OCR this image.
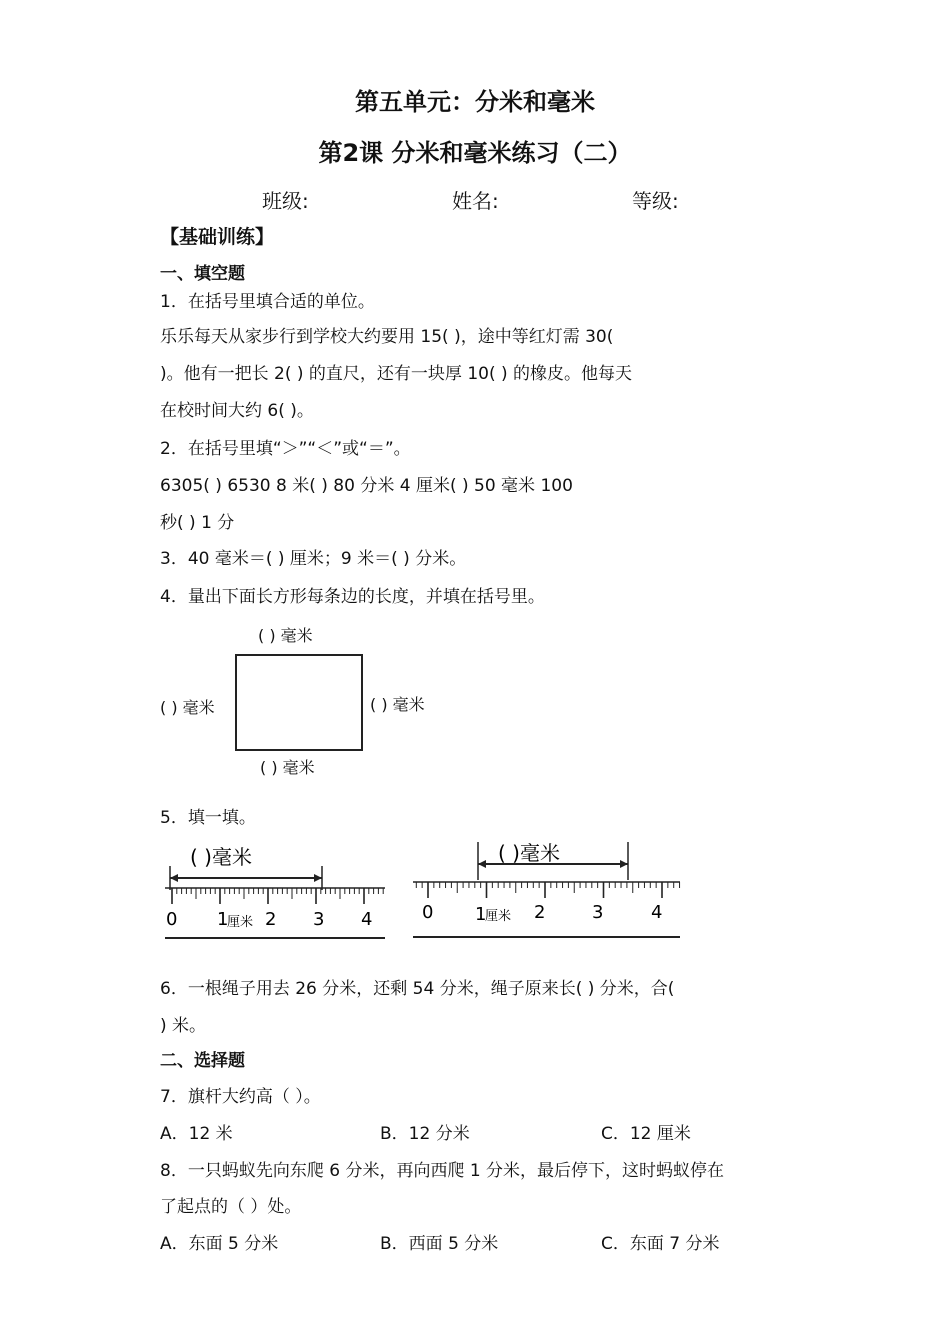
第五单元：分米和毫米
第2课 分米和毫米练习（二）
班级:	姓名:	等级:
【基础训练】
一、填空题
1．在括号里填合适的单位。
乐乐每天从家步行到学校大约要用 15( )，途中等红灯需 30(
)。他有一把长 2( ) 的直尺，还有一块厚 10( ) 的橡皮。他每天
在校时间大约 6( )。
2．在括号里填“＞”“＜”或“＝”。
6305( ) 6530 8 米( ) 80 分米 4 厘米( ) 50 毫米 100
秒( ) 1 分
3．40 毫米＝( ) 厘米；9 米＝( ) 分米。
4．量出下面长方形每条边的长度，并填在括号里。
( ) 毫米
( ) 毫米	( ) 毫米
( ) 毫米
5．填一填。
( )毫米
0 1
厘米 2 3 4
( )毫米
0 1
厘米 2	3	4
6．一根绳子用去 26 分米，还剩 54 分米，绳子原来长( ) 分米，合(
) 米。
二、选择题
7．旗杆大约高（ ）。
A．12 米	B．12 分米	C．12 厘米
8．一只蚂蚁先向东爬 6 分米，再向西爬 1 分米，最后停下，这时蚂蚁停在
了起点的（ ）处。
A．东面 5 分米	B．西面 5 分米	C．东面 7 分米
